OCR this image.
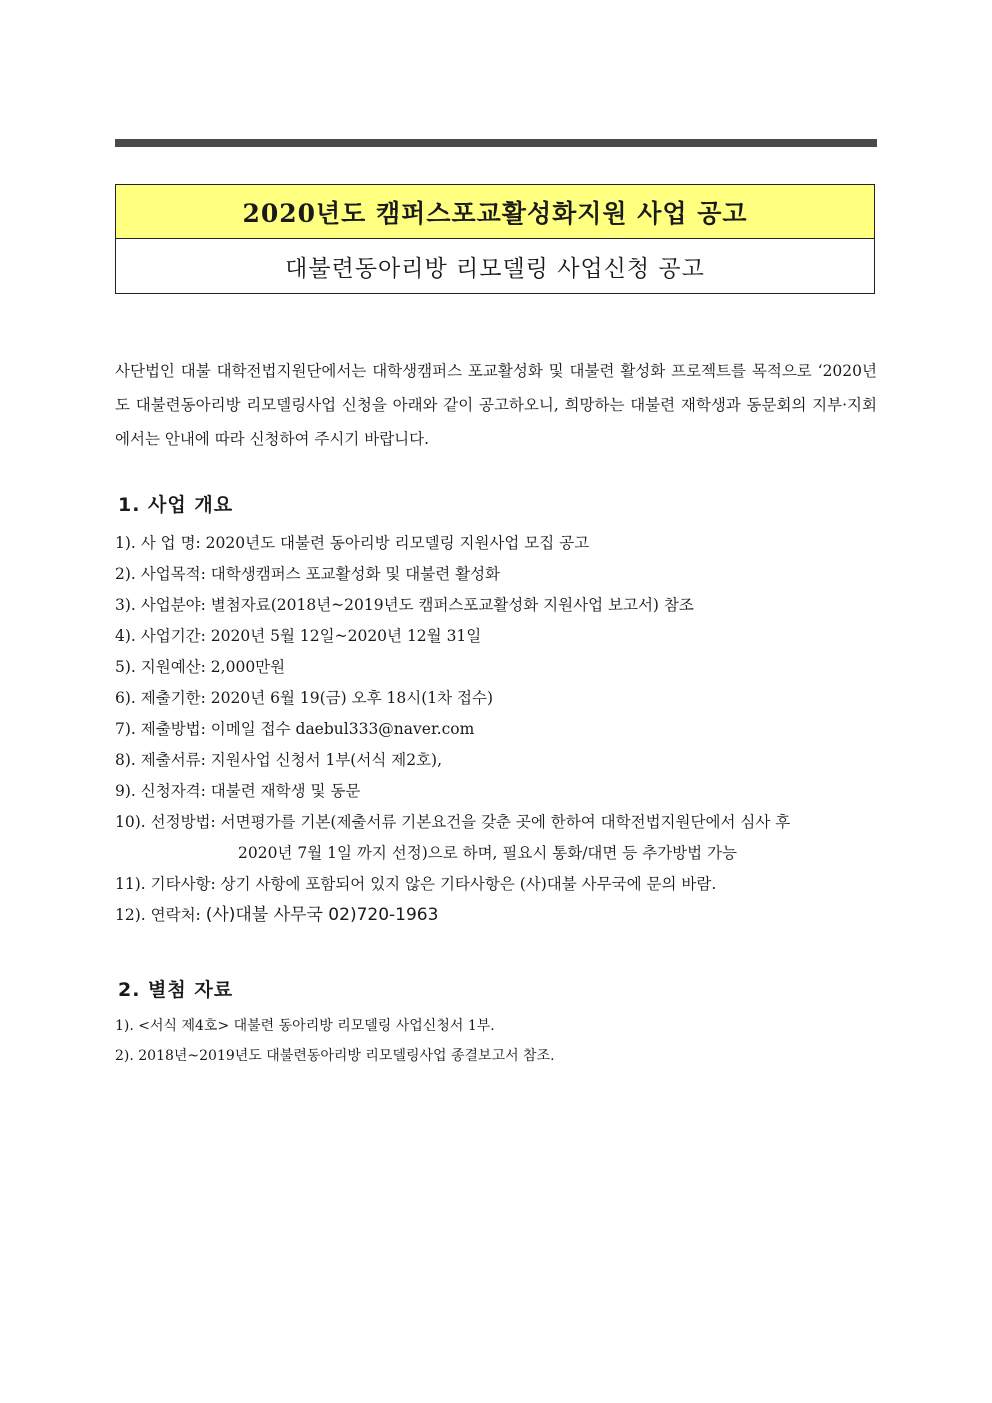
2020년도 캠퍼스포교활성화지원 사업 공고
대불련동아리방 리모델링 사업신청 공고
사단법인 대불 대학전법지원단에서는 대학생캠퍼스 포교활성화 및 대불련 활성화 프로젝트를 목적으로 ‘2020년도 대불련동아리방 리모델링사업 신청을 아래와 같이 공고하오니, 희망하는 대불련 재학생과 동문회의 지부·지회에서는 안내에 따라 신청하여 주시기 바랍니다.
1. 사업 개요
1). 사 업 명: 2020년도 대불련 동아리방 리모델링 지원사업 모집 공고
2). 사업목적: 대학생캠퍼스 포교활성화 및 대불련 활성화
3). 사업분야: 별첨자료(2018년~2019년도 캠퍼스포교활성화 지원사업 보고서) 참조
4). 사업기간: 2020년 5월 12일~2020년 12월 31일
5). 지원예산: 2,000만원
6). 제출기한: 2020년 6월 19(금) 오후 18시(1차 접수)
7). 제출방법: 이메일 접수 daebul333@naver.com
8). 제출서류: 지원사업 신청서 1부(서식 제2호),
9). 신청자격: 대불련 재학생 및 동문
10). 선정방법: 서면평가를 기본(제출서류 기본요건을 갖춘 곳에 한하여 대학전법지원단에서 심사 후
2020년 7월 1일 까지 선정)으로 하며, 필요시 통화/대면 등 추가방법 가능
11). 기타사항: 상기 사항에 포함되어 있지 않은 기타사항은 (사)대불 사무국에 문의 바람.
12). 연락처: (사)대불 사무국 02)720-1963
2. 별첨 자료
1). <서식 제4호> 대불련 동아리방 리모델링 사업신청서 1부.
2). 2018년~2019년도 대불련동아리방 리모델링사업 종결보고서 참조.
